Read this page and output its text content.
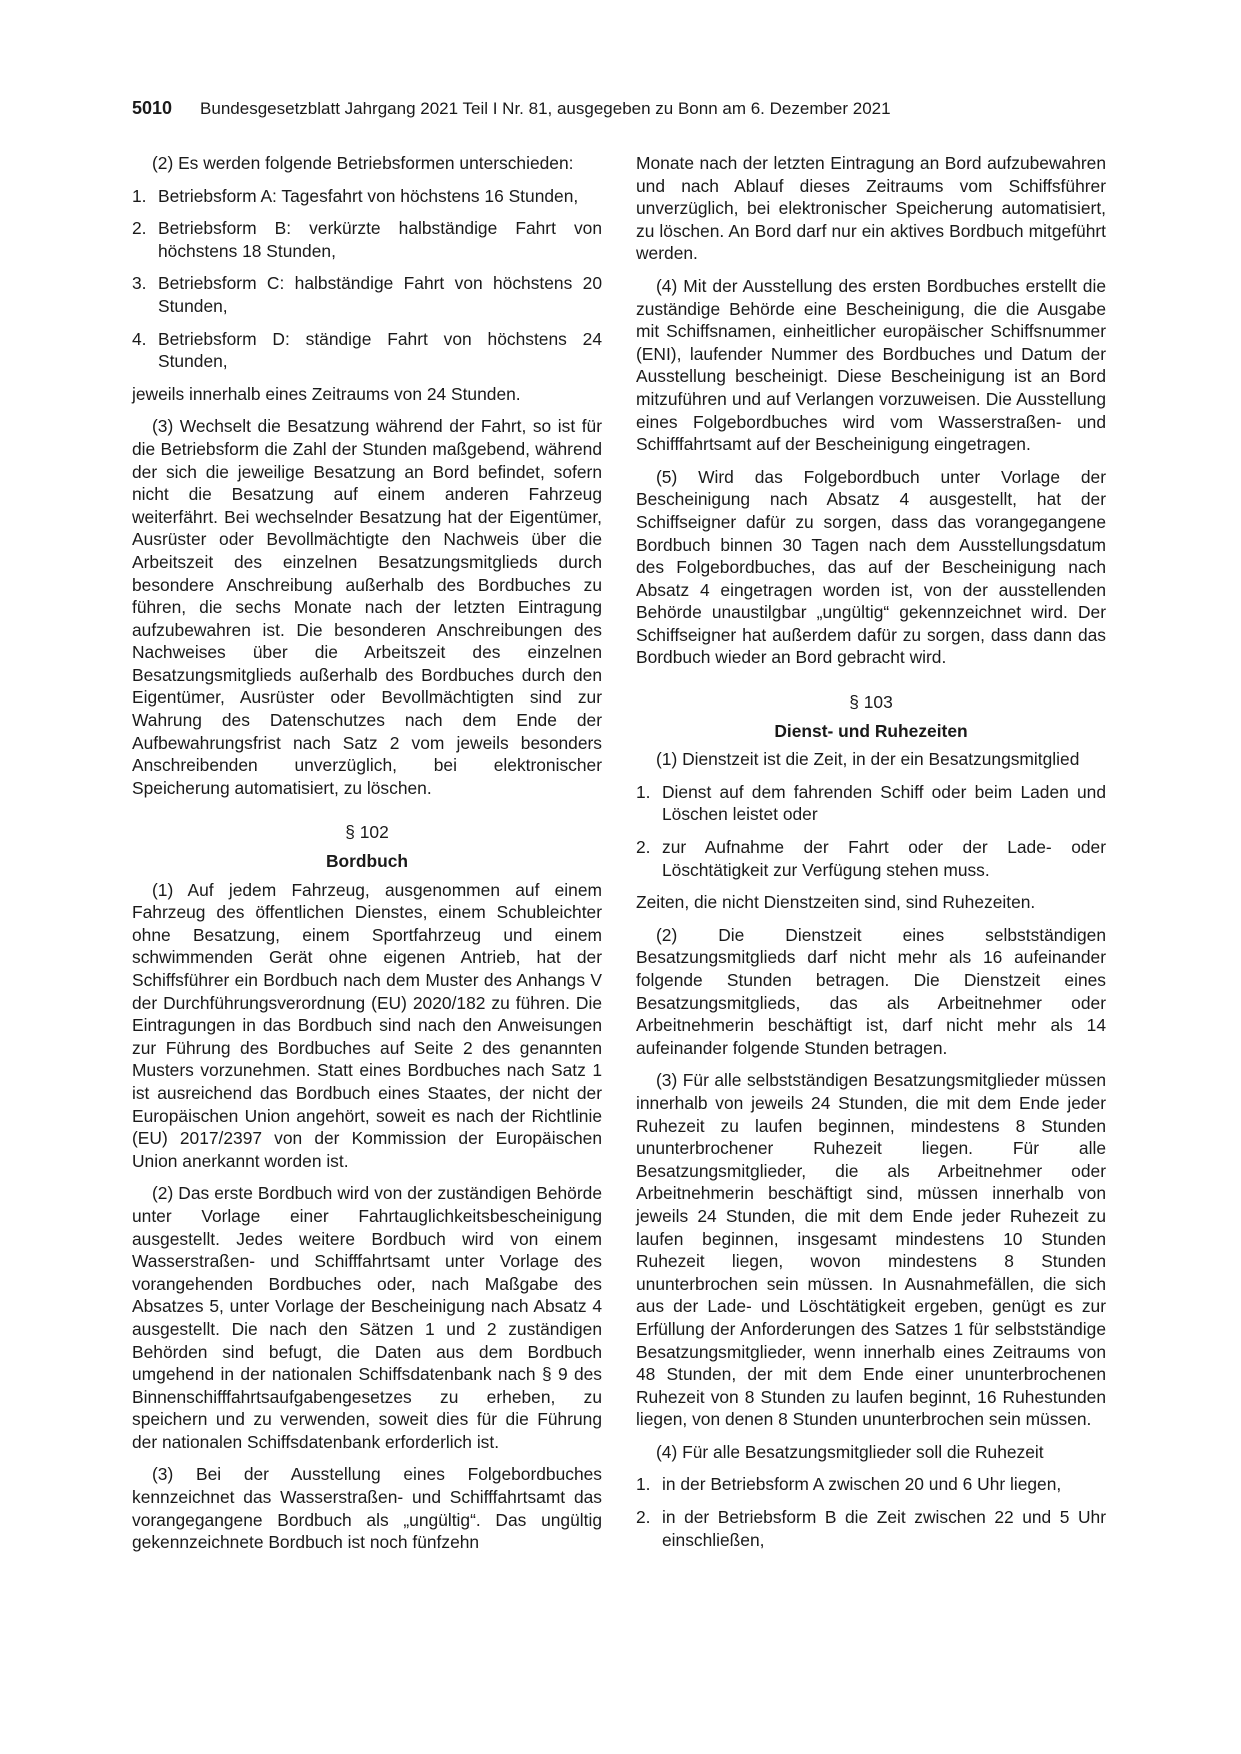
5010 Bundesgesetzblatt Jahrgang 2021 Teil I Nr. 81, ausgegeben zu Bonn am 6. Dezember 2021

(2) Es werden folgende Betriebsformen unterschieden:

1. Betriebsform A: Tagesfahrt von höchstens 16 Stunden,
2. Betriebsform B: verkürzte halbständige Fahrt von höchstens 18 Stunden,
3. Betriebsform C: halbständige Fahrt von höchstens 20 Stunden,
4. Betriebsform D: ständige Fahrt von höchstens 24 Stunden,

jeweils innerhalb eines Zeitraums von 24 Stunden.

(3) Wechselt die Besatzung während der Fahrt, so ist für die Betriebsform die Zahl der Stunden maßgebend, während der sich die jeweilige Besatzung an Bord befindet, sofern nicht die Besatzung auf einem anderen Fahrzeug weiterfährt. Bei wechselnder Besatzung hat der Eigentümer, Ausrüster oder Bevollmächtigte den Nachweis über die Arbeitszeit des einzelnen Besatzungsmitglieds durch besondere Anschreibung außerhalb des Bordbuches zu führen, die sechs Monate nach der letzten Eintragung aufzubewahren ist. Die besonderen Anschreibungen des Nachweises über die Arbeitszeit des einzelnen Besatzungsmitglieds außerhalb des Bordbuches durch den Eigentümer, Ausrüster oder Bevollmächtigten sind zur Wahrung des Datenschutzes nach dem Ende der Aufbewahrungsfrist nach Satz 2 vom jeweils besonders Anschreibenden unverzüglich, bei elektronischer Speicherung automatisiert, zu löschen.

§ 102
Bordbuch

(1) Auf jedem Fahrzeug, ausgenommen auf einem Fahrzeug des öffentlichen Dienstes, einem Schubleichter ohne Besatzung, einem Sportfahrzeug und einem schwimmenden Gerät ohne eigenen Antrieb, hat der Schiffsführer ein Bordbuch nach dem Muster des Anhangs V der Durchführungsverordnung (EU) 2020/182 zu führen. Die Eintragungen in das Bordbuch sind nach den Anweisungen zur Führung des Bordbuches auf Seite 2 des genannten Musters vorzunehmen. Statt eines Bordbuches nach Satz 1 ist ausreichend das Bordbuch eines Staates, der nicht der Europäischen Union angehört, soweit es nach der Richtlinie (EU) 2017/2397 von der Kommission der Europäischen Union anerkannt worden ist.

(2) Das erste Bordbuch wird von der zuständigen Behörde unter Vorlage einer Fahrtauglichkeitsbescheinigung ausgestellt. Jedes weitere Bordbuch wird von einem Wasserstraßen- und Schifffahrtsamt unter Vorlage des vorangehenden Bordbuches oder, nach Maßgabe des Absatzes 5, unter Vorlage der Bescheinigung nach Absatz 4 ausgestellt. Die nach den Sätzen 1 und 2 zuständigen Behörden sind befugt, die Daten aus dem Bordbuch umgehend in der nationalen Schiffsdatenbank nach § 9 des Binnenschifffahrtsaufgabengesetzes zu erheben, zu speichern und zu verwenden, soweit dies für die Führung der nationalen Schiffsdatenbank erforderlich ist.

(3) Bei der Ausstellung eines Folgebordbuches kennzeichnet das Wasserstraßen- und Schifffahrtsamt das vorangegangene Bordbuch als „ungültig“. Das ungültig gekennzeichnete Bordbuch ist noch fünfzehn

Monate nach der letzten Eintragung an Bord aufzubewahren und nach Ablauf dieses Zeitraums vom Schiffsführer unverzüglich, bei elektronischer Speicherung automatisiert, zu löschen. An Bord darf nur ein aktives Bordbuch mitgeführt werden.

(4) Mit der Ausstellung des ersten Bordbuches erstellt die zuständige Behörde eine Bescheinigung, die die Ausgabe mit Schiffsnamen, einheitlicher europäischer Schiffsnummer (ENI), laufender Nummer des Bordbuches und Datum der Ausstellung bescheinigt. Diese Bescheinigung ist an Bord mitzuführen und auf Verlangen vorzuweisen. Die Ausstellung eines Folgebordbuches wird vom Wasserstraßen- und Schifffahrtsamt auf der Bescheinigung eingetragen.

(5) Wird das Folgebordbuch unter Vorlage der Bescheinigung nach Absatz 4 ausgestellt, hat der Schiffseigner dafür zu sorgen, dass das vorangegangene Bordbuch binnen 30 Tagen nach dem Ausstellungsdatum des Folgebordbuches, das auf der Bescheinigung nach Absatz 4 eingetragen worden ist, von der ausstellenden Behörde unaustilgbar „ungültig“ gekennzeichnet wird. Der Schiffseigner hat außerdem dafür zu sorgen, dass dann das Bordbuch wieder an Bord gebracht wird.

§ 103
Dienst- und Ruhezeiten

(1) Dienstzeit ist die Zeit, in der ein Besatzungsmitglied

1. Dienst auf dem fahrenden Schiff oder beim Laden und Löschen leistet oder
2. zur Aufnahme der Fahrt oder der Lade- oder Löschtätigkeit zur Verfügung stehen muss.

Zeiten, die nicht Dienstzeiten sind, sind Ruhezeiten.

(2) Die Dienstzeit eines selbstständigen Besatzungsmitglieds darf nicht mehr als 16 aufeinander folgende Stunden betragen. Die Dienstzeit eines Besatzungsmitglieds, das als Arbeitnehmer oder Arbeitnehmerin beschäftigt ist, darf nicht mehr als 14 aufeinander folgende Stunden betragen.

(3) Für alle selbstständigen Besatzungsmitglieder müssen innerhalb von jeweils 24 Stunden, die mit dem Ende jeder Ruhezeit zu laufen beginnen, mindestens 8 Stunden ununterbrochener Ruhezeit liegen. Für alle Besatzungsmitglieder, die als Arbeitnehmer oder Arbeitnehmerin beschäftigt sind, müssen innerhalb von jeweils 24 Stunden, die mit dem Ende jeder Ruhezeit zu laufen beginnen, insgesamt mindestens 10 Stunden Ruhezeit liegen, wovon mindestens 8 Stunden ununterbrochen sein müssen. In Ausnahmefällen, die sich aus der Lade- und Löschtätigkeit ergeben, genügt es zur Erfüllung der Anforderungen des Satzes 1 für selbstständige Besatzungsmitglieder, wenn innerhalb eines Zeitraums von 48 Stunden, der mit dem Ende einer ununterbrochenen Ruhezeit von 8 Stunden zu laufen beginnt, 16 Ruhestunden liegen, von denen 8 Stunden ununterbrochen sein müssen.

(4) Für alle Besatzungsmitglieder soll die Ruhezeit

1. in der Betriebsform A zwischen 20 und 6 Uhr liegen,
2. in der Betriebsform B die Zeit zwischen 22 und 5 Uhr einschließen,
